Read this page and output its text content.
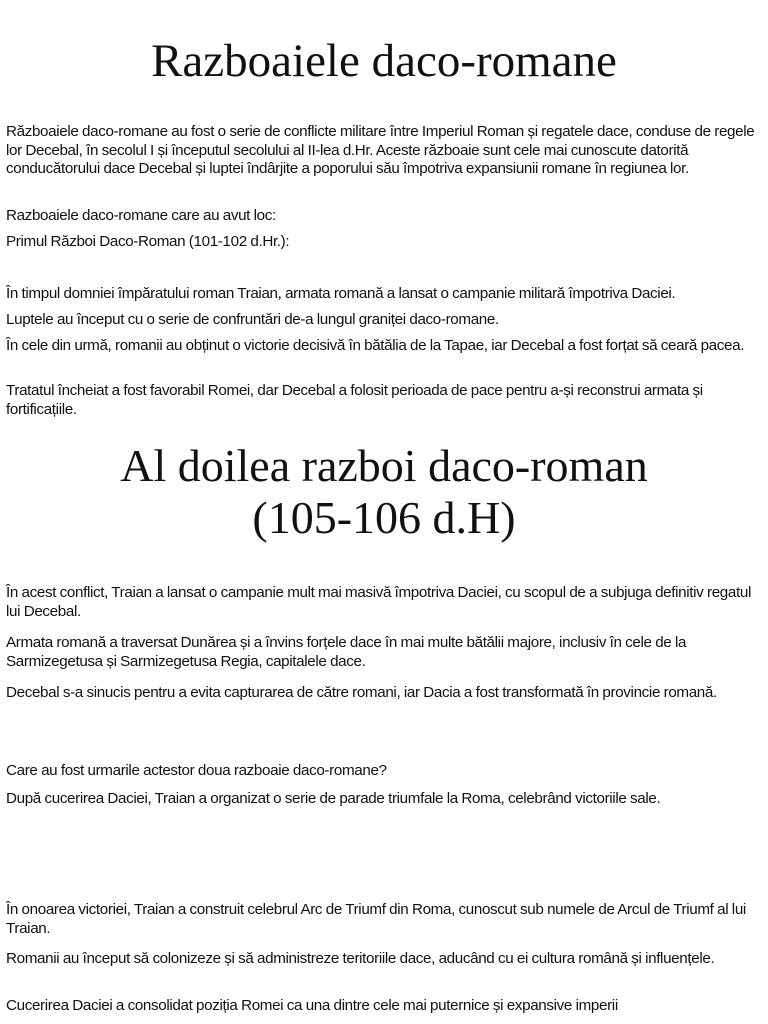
Razboaiele daco-romane

Războaiele daco-romane au fost o serie de conflicte militare între Imperiul Roman și regatele dace, conduse de regele lor Decebal, în secolul I și începutul secolului al II-lea d.Hr. Aceste războaie sunt cele mai cunoscute datorită conducătorului dace Decebal și luptei îndârjite a poporului său împotriva expansiunii romane în regiunea lor.

Razboaiele daco-romane care au avut loc:

Primul Război Daco-Roman (101-102 d.Hr.):

În timpul domniei împăratului roman Traian, armata romană a lansat o campanie militară împotriva Daciei.

Luptele au început cu o serie de confruntări de-a lungul graniței daco-romane.

În cele din urmă, romanii au obținut o victorie decisivă în bătălia de la Tapae, iar Decebal a fost forțat să ceară pacea.

Tratatul încheiat a fost favorabil Romei, dar Decebal a folosit perioada de pace pentru a-și reconstrui armata și fortificațiile.

Al doilea razboi daco-roman
(105-106 d.H)

În acest conflict, Traian a lansat o campanie mult mai masivă împotriva Daciei, cu scopul de a subjuga definitiv regatul lui Decebal.

Armata romană a traversat Dunărea și a învins forțele dace în mai multe bătălii majore, inclusiv în cele de la Sarmizegetusa și Sarmizegetusa Regia, capitalele dace.

Decebal s-a sinucis pentru a evita capturarea de către romani, iar Dacia a fost transformată în provincie romană.

Care au fost urmarile actestor doua razboaie daco-romane?

După cucerirea Daciei, Traian a organizat o serie de parade triumfale la Roma, celebrând victoriile sale.

În onoarea victoriei, Traian a construit celebrul Arc de Triumf din Roma, cunoscut sub numele de Arcul de Triumf al lui Traian.

Romanii au început să colonizeze și să administreze teritoriile dace, aducând cu ei cultura română și influențele.

Cucerirea Daciei a consolidat poziția Romei ca una dintre cele mai puternice și expansive imperii
